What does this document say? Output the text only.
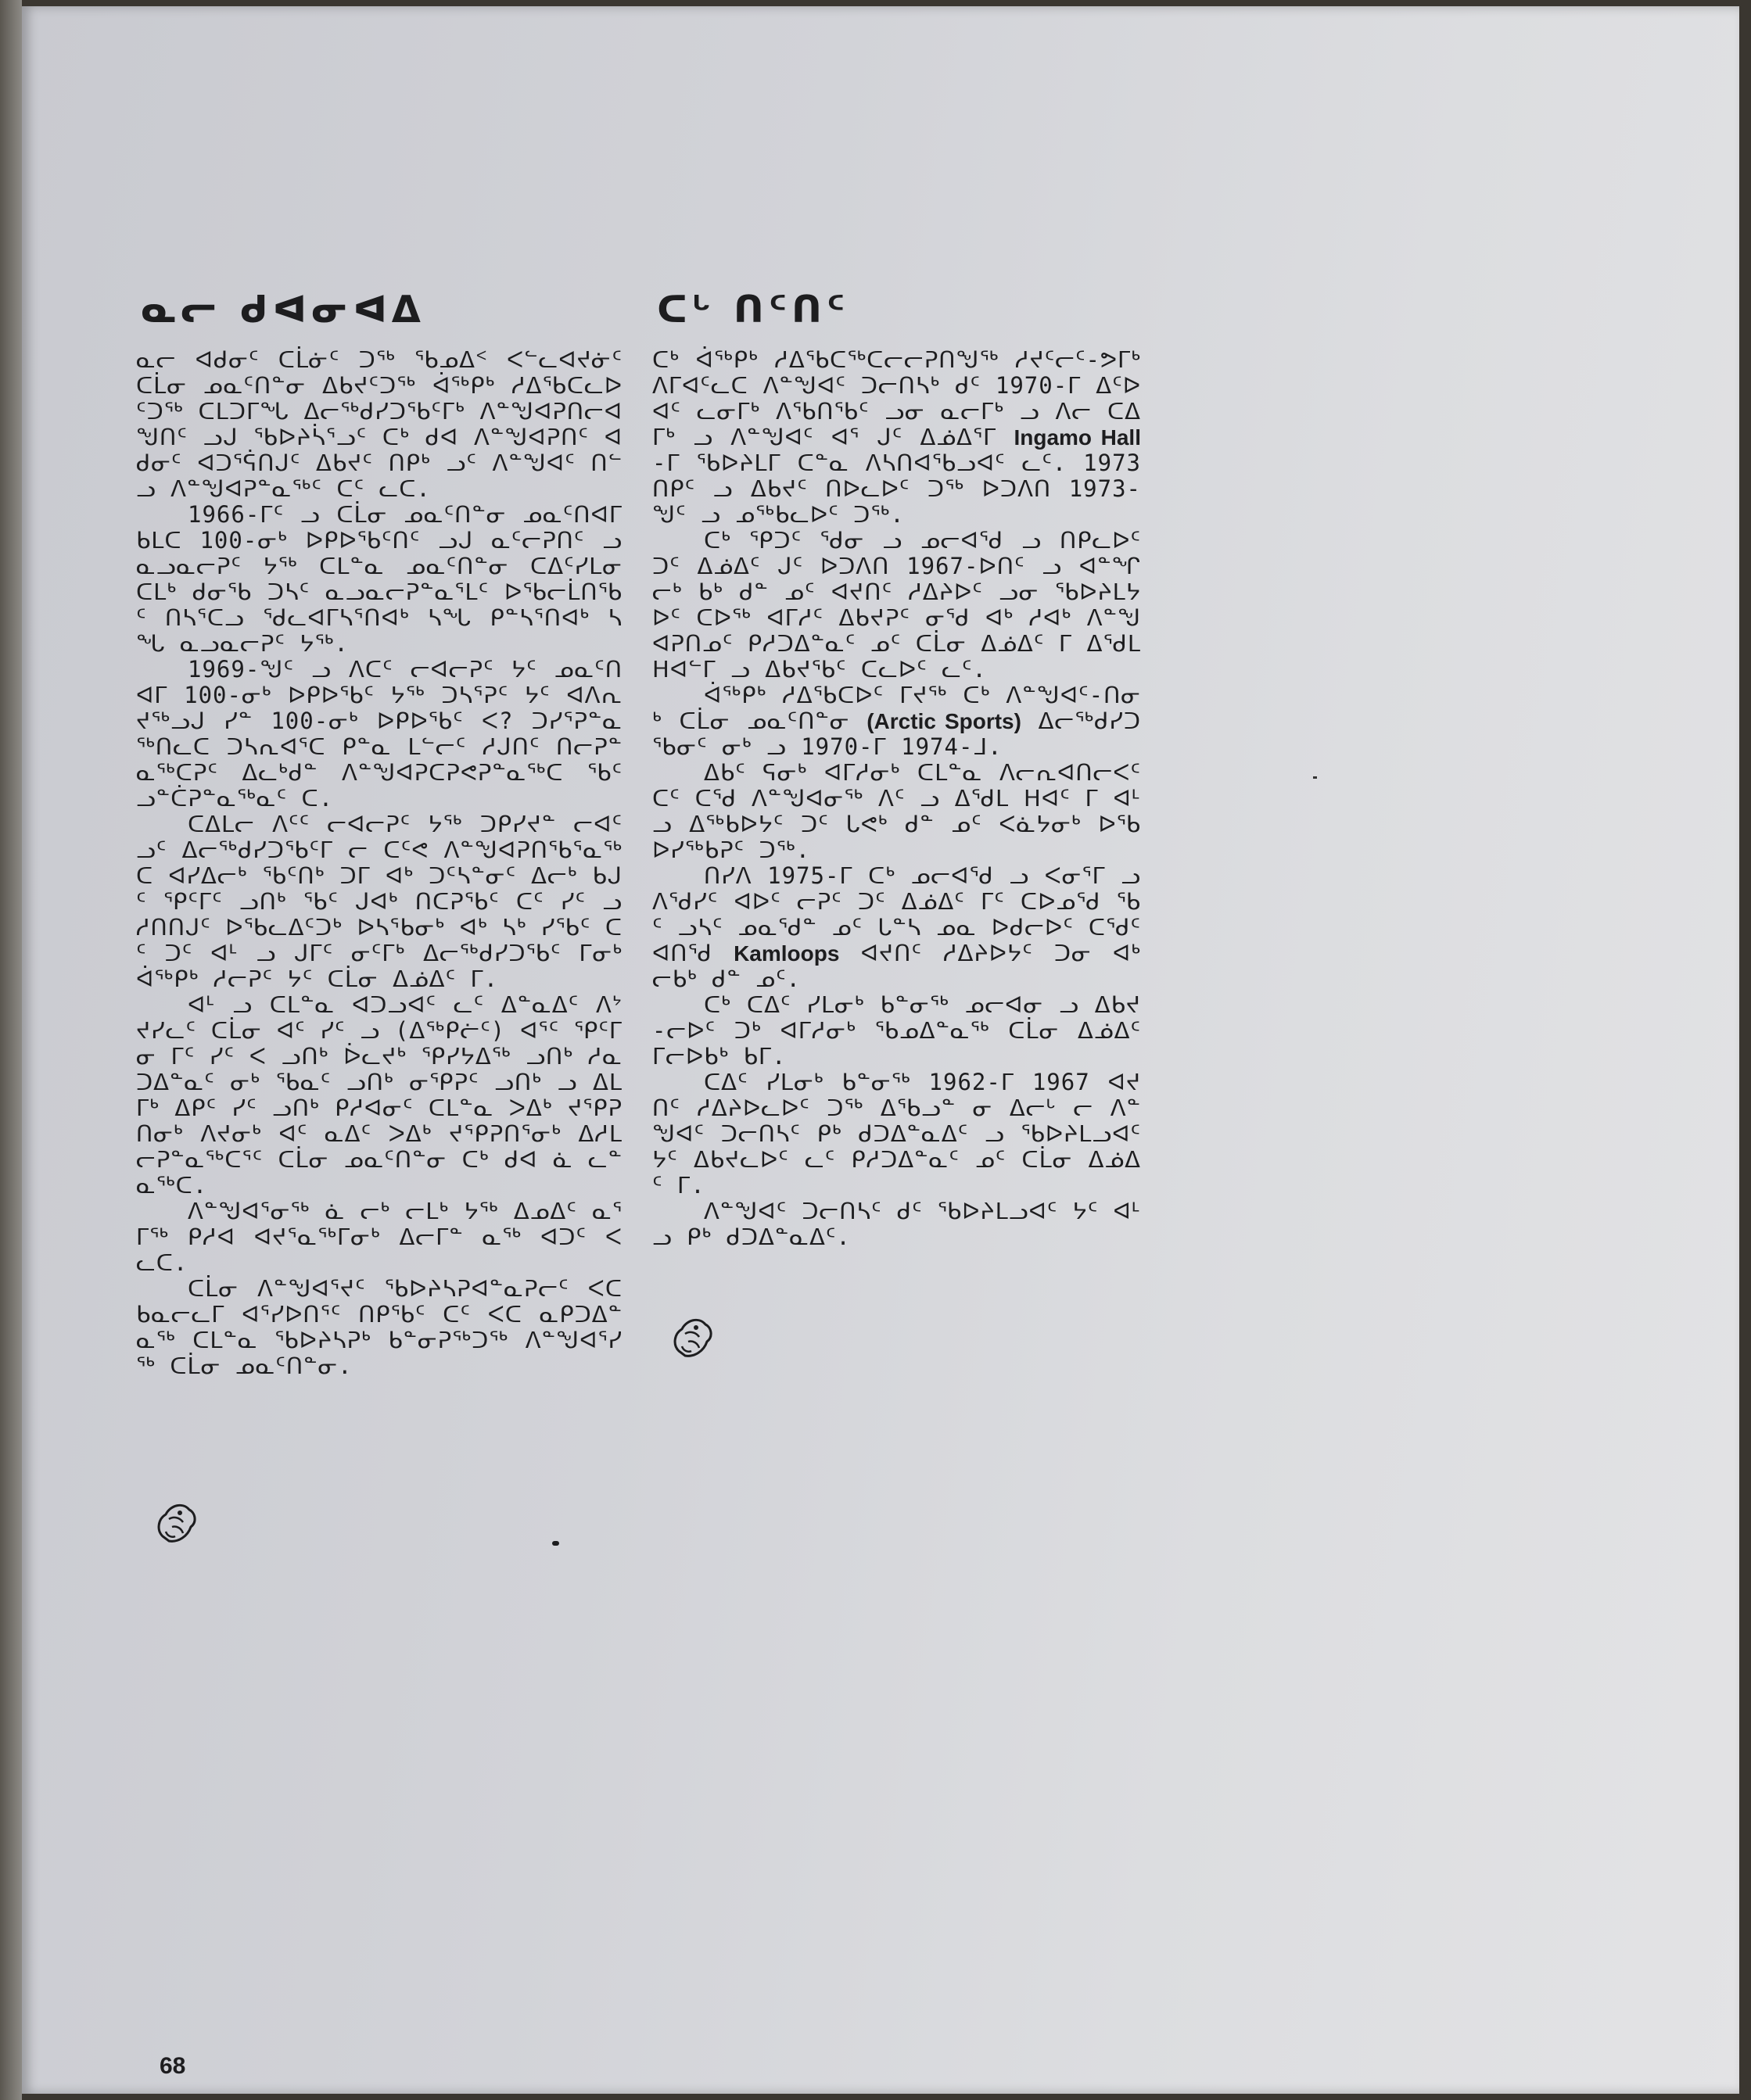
ᓇᓕ ᑯᐊᓂᐊᐃ

ᓇᓕ ᐊᑯᓂᑦ ᑕᒫᓃᑦ ᑐᖅ ᖃᓄᐃᑉ ᐸᓪᓚᐊᔪᓃᑦ ᑕᒫᓂ ᓄᓇᑦᑎᓐᓂ ᐃᑲᔪᑦᑐᖅ ᐋᖅᑭᒃ ᓱᐃᖃᑕᓚᐅᑦᑐᖅ ᑕᒪᑐᒥᖓ ᐃᓕᖅᑯᓯᑐᖃᑦᒥᒃ ᐱᓐᖑᐊᕈᑎᓕᐊᖑᑎᑦ ᓗᒍ ᖃᐅᔨᓵᕐᓗᑦ ᑕᒃ ᑯᐊ ᐱᓐᖑᐊᕈᑎᑦ ᐊᑯᓂᑦ ᐊᑐᕐᕌᑎᒍᑦ ᐃᑲᔪᑦ ᑎᑭᒃ ᓗᑦ ᐱᓐᖑᐊᑦ ᑎᓪ ᓗ ᐱᓐᖑᐊᕈᓐᓇᖅᑦ ᑕᑦ ᓚᑕ.

1966-ᒥᑦ ᓗ ᑕᒫᓂ ᓄᓇᑦᑎᓐᓂ ᓄᓇᑦᑎᐊᒥ ᑲᒪᑕ 100-ᓂᒃ ᐅᑭᐅᖃᑦᑎᑦ ᓗᒍ ᓇᑦᓕᕈᑎᑦ ᓗ ᓇᓗᓇᓕᕈᑦ ᔭᖅ ᑕᒪᓐᓇ ᓄᓇᑦᑎᓐᓂ ᑕᐃᑦᓯᒪᓂ ᑕᒪᒃ ᑯᓂᖃ ᑐᓴᑦ ᓇᓗᓇᓕᕈᓐᓇᕐᒪᑦ ᐅᖃᓕᒫᑎᖃᑦ ᑎᓴᕐᑕᓗ ᖁᓚᐊᒥᓴᕐᑎᐊᒃ ᓴᖓ ᑭᓐᓴᕐᑎᐊᒃ ᓴᖓ ᓇᓗᓇᓕᕈᑦ ᔭᖅ.

1969-ᖑᑦ ᓗ ᐱᑕᑦ ᓕᐊᓕᕈᑦ ᔭᑦ ᓄᓇᑦᑎᐊᒥ 100-ᓂᒃ ᐅᑭᐅᖃᑦ ᔭᖅ ᑐᓴᕐᕈᑦ ᔭᑦ ᐊᐱᕆᔪᖅᓗᒍ ᓯᓐ 100-ᓂᒃ ᐅᑭᐅᖃᑦ ᐸ? ᑐᓯᕐᕈᓐᓇᖅᑎᓚᑕ ᑐᓴᕆᐊᕐᑕ ᑭᓐᓇ ᒪᓪᓕᑦ ᓱᒍᑎᑦ ᑎᓕᕈᓐᓇᖅᑕᕈᑦ ᐃᓚᒃᑯᓐ ᐱᓐᖑᐊᕈᑕᕈᕙᕈᓐᓇᖅᑕ ᖃᑦ ᓗᓐᑖᕈᓐᓇᖅᓇᑦ ᑕ.

ᑕᐃᒪᓕ ᐱᑦᑦ ᓕᐊᓕᕈᑦ ᔭᖅ ᑐᑭᓯᔪᓐ ᓕᐊᑦ ᓗᑦ ᐃᓕᖅᑯᓯᑐᖃᑦᒥ ᓕ ᑕᑦᕙ ᐱᓐᖑᐊᕈᑎᖃᕐᓇᖅᑕ ᐊᓯᐃᓕᒃ ᖃᑦᑎᒃ ᑐᒥ ᐊᒃ ᑐᑦᓴᓐᓂᑦ ᐃᓕᒃ ᑲᒍᑦ ᕿᑦᒥᑦ ᓗᑎᒃ ᖃᑦ ᒍᐊᒃ ᑎᑕᕈᖃᑦ ᑕᑦ ᓯᑦ ᓗ ᓱᑎᑎᒍᑦ ᐅᖃᓚᐃᑦᑐᒃ ᐅᓴᕐᑲᓂᒃ ᐊᒃ ᓴᒃ ᓯᖃᑦ ᑕᑦ ᑐᑦ ᐊᒻ ᓗ ᒍᒥᑦ ᓂᑦᒥᒃ ᐃᓕᖅᑯᓯᑐᖃᑦ ᒥᓂᒃ ᐋᖅᑭᒃ ᓱᓕᕈᑦ ᔭᑦ ᑕᒫᓂ ᐃᓅᐃᑦ ᒥ.

ᐊᒻ ᓗ ᑕᒪᓐᓇ ᐊᑐᓗᐊᑦ ᓚᑦ ᐃᓐᓇᐃᑦ ᐱᔾ ᔪᓯᓚᑦ ᑕᒫᓂ ᐊᑦ ᓯᑦ ᓗ (ᐃᖅᑭᓖᑦ) ᐊᕐᑦ ᕿᑦᒥ ᓂ ᒥᑦ ᓯᑦ ᐸ ᓗᑎᒃ ᐆᓚᔪᒃ ᕿᓯᔭᐃᖅ ᓗᑎᒃ ᓱᓇᑐᐃᓐᓇᑦ ᓂᒃ ᖃᓇᑦ ᓗᑎᒃ ᓂᕿᕈᑦ ᓗᑎᒃ ᓗ ᐃᒪᒥᒃ ᐃᑭᑦ ᓯᑦ ᓗᑎᒃ ᑭᓱᐊᓂᑦ ᑕᒪᓐᓇ ᐳᐃᒃ ᔪᕐᑭᕈᑎᓂᒃ ᐱᔪᓂᒃ ᐊᑦ ᓇᐃᑦ ᐳᐃᒃ ᔪᕐᑭᕈᑎᕐᓂᒃ ᐃᓱᒪᓕᕈᓐᓇᖅᑕᕐᑦ ᑕᒫᓂ ᓄᓇᑦᑎᓐᓂ ᑕᒃ ᑯᐊ ᓈ ᓚᓐᓇᖅᑕ.

ᐱᓐᖑᐊᕐᓂᖅ ᓈ ᓕᒃ ᓕᒪᒃ ᔭᖅ ᐃᓄᐃᑦ ᓇᕐᒥᖅ ᑭᓱᐊ ᐊᔪᕐᓇᖅᒥᓂᒃ ᐃᓕᒥᓐ ᓇᖅ ᐊᑐᑦ ᐸ ᓚᑕ.

ᑕᒫᓂ ᐱᓐᖑᐊᕐᔪᑦ ᖃᐅᔨᓴᕈᐊᓐᓇᕈᓕᑦ ᐸᑕ ᑲᓇᓕᓚᒥ ᐊᕐᓯᐅᑎᕐᑦ ᑎᑭᖃᑦ ᑕᑦ ᐸᑕ ᓇᑭᑐᐃᓐᓇᖅ ᑕᒪᓐᓇ ᖃᐅᔨᓴᕈᒃ ᑲᓐᓂᕈᖅᑐᖅ ᐱᓐᖑᐊᕐᓯᖅ ᑕᒫᓂ ᓄᓇᑦᑎᓐᓂ.

ᑕᒡ ᑎᑦᑎᑦ

ᑕᒃ ᐋᖅᑭᒃ ᓱᐃᖃᑕᖅᑕᓕᓕᕈᑎᖑᖅ ᓱᔪᑦᓕᑦ-ᕗᒥᒃ ᐱᒥᐊᑦᓚᑕ ᐱᓐᖑᐊᑦ ᑐᓕᑎᓴᒃ ᑯᑦ 1970-ᒥ ᐃᑦᐅᐊᑦ ᓚᓂᒥᒃ ᐱᖃᑎᖃᑦ ᓗᓂ ᓇᓕᒥᒃ ᓗ ᐱᓕ ᑕᐃᒥᒃ ᓗ ᐱᓐᖑᐊᑦ ᐊᕐ ᒍᑦ ᐃᓅᐃᕐᒥ Ingamo Hall -ᒥ ᖃᐅᔨᒪᒥ ᑕᓐᓇ ᐱᓴᑎᐊᖃᓗᐊᑦ ᓚᑦ. 1973 ᑎᑭᑦ ᓗ ᐃᑲᔪᑦ ᑎᐅᓚᐅᑦ ᑐᖅ ᐅᑐᐱᑎ 1973-ᖑᑦ ᓗ ᓄᖅᑲᓚᐅᑦ ᑐᖅ.

ᑕᒃ ᕿᑐᑦ ᖁᓂ ᓗ ᓄᓕᐊᖁ ᓗ ᑎᑭᓚᐅᑦ ᑐᑦ ᐃᓅᐃᑦ ᒍᑦ ᐅᑐᐱᑎ 1967-ᐅᑎᑦ ᓗ ᐊᓐᖏᓕᒃ ᑲᒃ ᑯᓐ ᓄᑦ ᐊᔪᑎᑦ ᓱᐃᔨᐅᑦ ᓗᓂ ᖃᐅᔨᒪᔭᐅᑦ ᑕᐅᖅ ᐊᒥᓱᑦ ᐃᑲᔪᕈᑦ ᓂᖁ ᐊᒃ ᓱᐊᒃ ᐱᓐᖑᐊᕈᑎᓄᑦ ᑭᓱᑐᐃᓐᓇᑦ ᓄᑦ ᑕᒫᓂ ᐃᓅᐃᑦ ᒥ ᐃᖁᒪ ᕼᐊᓪᒥ ᓗ ᐃᑲᔪᖃᑦ ᑕᓚᐅᑦ ᓚᑦ.

ᐋᖅᑭᒃ ᓱᐃᖃᑕᐅᑦ ᒥᔪᖅ ᑕᒃ ᐱᓐᖑᐊᑦ-ᑎᓂᒃ ᑕᒫᓂ ᓄᓇᑦᑎᓐᓂ (Arctic Sports) ᐃᓕᖅᑯᓯᑐᖃᓂᑦ ᓂᒃ ᓗ 1970-ᒥ 1974-ᒧ.

ᐃᑲᑦ ᕋᓂᒃ ᐊᒥᓱᓂᒃ ᑕᒪᓐᓇ ᐱᓕᕆᐊᑎᓕᐸᑦ ᑕᑦ ᑕᖁ ᐱᓐᖑᐊᓂᖅ ᐱᑦ ᓗ ᐃᖁᒪ ᕼᐊᑦ ᒥ ᐊᒻ ᓗ ᐃᖅᑲᐅᔭᑦ ᑐᑦ ᒐᕙᒃ ᑯᓐ ᓄᑦ ᐸᓈᔭᓂᒃ ᐅᖃᐅᓯᖅᑲᕈᑦ ᑐᖅ.

ᑎᓯᐱ 1975-ᒥ ᑕᒃ ᓄᓕᐊᖁ ᓗ ᐸᓂᕐᒥ ᓗ ᐱᖁᓯᑦ ᐊᐅᑦ ᓕᕈᑦ ᑐᑦ ᐃᓅᐃᑦ ᒥᑦ ᑕᐅᓄᖁ ᖃᑦ ᓗᓴᑦ ᓄᓇᖁᓐ ᓄᑦ ᒐᓐᓴ ᓄᓇ ᐅᑯᓕᐅᑦ ᑕᖁᑦ ᐊᑎᖁ Kamloops ᐊᔪᑎᑦ ᓱᐃᔨᐅᔭᑦ ᑐᓂ ᐊᒃ ᓕᑲᒃ ᑯᓐ ᓄᑦ.

ᑕᒃ ᑕᐃᑦ ᓯᒪᓂᒃ ᑲᓐᓂᖅ ᓄᓕᐊᓂ ᓗ ᐃᑲᔪ-ᓕᐅᑦ ᑐᒃ ᐊᒥᓱᓂᒃ ᖃᓄᐃᓐᓇᖅ ᑕᒫᓂ ᐃᓅᐃᑦ ᒥᓕᐅᑲᒃ ᑲᒥ.

ᑕᐃᑦ ᓯᒪᓂᒃ ᑲᓐᓂᖅ 1962-ᒥ 1967 ᐊᔪᑎᑦ ᓱᐃᔨᐅᓚᐅᑦ ᑐᖅ ᐃᖃᓗᓐ ᓂ ᐃᓕᒡ ᓕ ᐱᓐᖑᐊᑦ ᑐᓕᑎᓴᑦ ᑭᒃ ᑯᑐᐃᓐᓇᐃᑦ ᓗ ᖃᐅᔨᒪᓗᐊᑦ ᔭᑦ ᐃᑲᔪᓚᐅᑦ ᓚᑦ ᑭᓱᑐᐃᓐᓇᑦ ᓄᑦ ᑕᒫᓂ ᐃᓅᐃᑦ ᒥ.

ᐱᓐᖑᐊᑦ ᑐᓕᑎᓴᑦ ᑯᑦ ᖃᐅᔨᒪᓗᐊᑦ ᔭᑦ ᐊᒻ ᓗ ᑭᒃ ᑯᑐᐃᓐᓇᐃᑦ.

68
